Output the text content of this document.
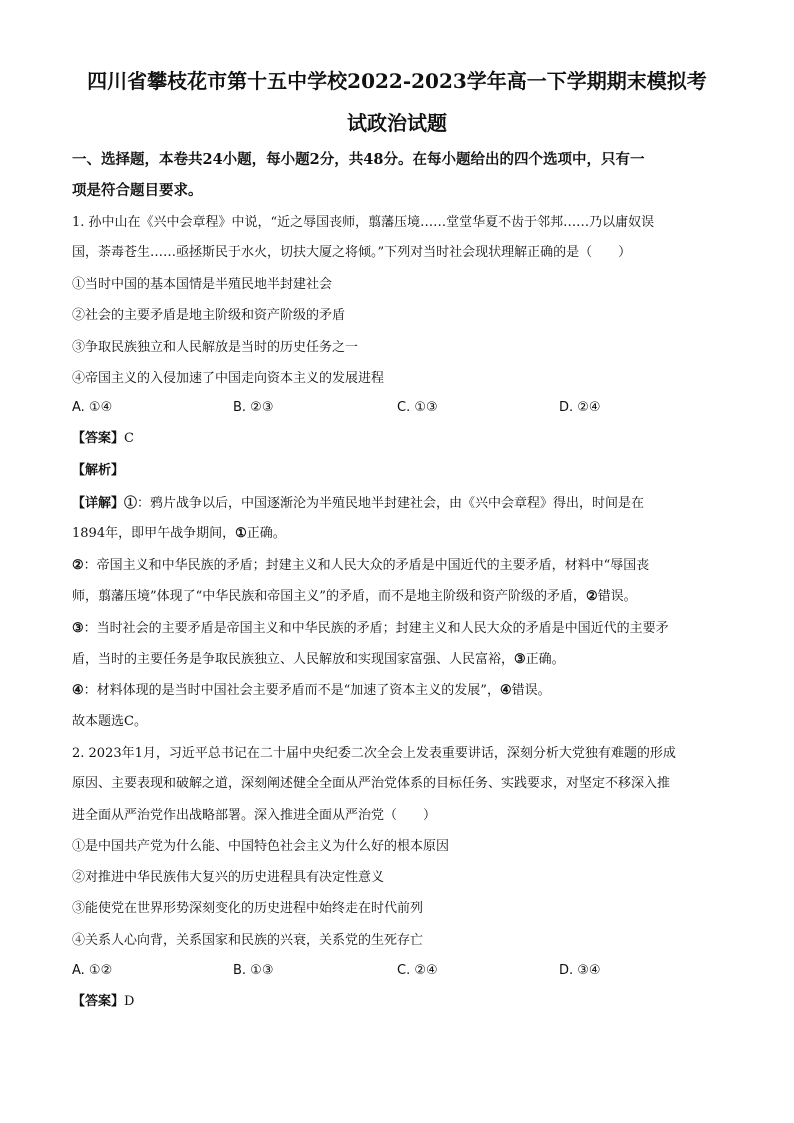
四川省攀枝花市第十五中学校2022-2023学年高一下学期期末模拟考
试政治试题
一、选择题，本卷共24小题，每小题2分，共48分。在每小题给出的四个选项中，只有一
项是符合题目要求。
1. 孙中山在《兴中会章程》中说，“近之辱国丧师，翦藩压境……堂堂华夏不齿于邻邦……乃以庸奴误
国，荼毒苍生……亟拯斯民于水火，切扶大厦之将倾。”下列对当时社会现状理解正确的是（　　）
①当时中国的基本国情是半殖民地半封建社会
②社会的主要矛盾是地主阶级和资产阶级的矛盾
③争取民族独立和人民解放是当时的历史任务之一
④帝国主义的入侵加速了中国走向资本主义的发展进程
A. ①④	B. ②③	C. ①③	D. ②④
【答案】C
【解析】
【详解】①：鸦片战争以后，中国逐渐沦为半殖民地半封建社会，由《兴中会章程》得出，时间是在
1894年，即甲午战争期间，①正确。
②：帝国主义和中华民族的矛盾；封建主义和人民大众的矛盾是中国近代的主要矛盾，材料中“辱国丧
师，翦藩压境”体现了“中华民族和帝国主义”的矛盾，而不是地主阶级和资产阶级的矛盾，②错误。
③：当时社会的主要矛盾是帝国主义和中华民族的矛盾；封建主义和人民大众的矛盾是中国近代的主要矛
盾，当时的主要任务是争取民族独立、人民解放和实现国家富强、人民富裕，③正确。
④：材料体现的是当时中国社会主要矛盾而不是“加速了资本主义的发展”，④错误。
故本题选C。
2. 2023年1月，习近平总书记在二十届中央纪委二次全会上发表重要讲话，深刻分析大党独有难题的形成
原因、主要表现和破解之道，深刻阐述健全全面从严治党体系的目标任务、实践要求，对坚定不移深入推
进全面从严治党作出战略部署。深入推进全面从严治党（　　）
①是中国共产党为什么能、中国特色社会主义为什么好的根本原因
②对推进中华民族伟大复兴的历史进程具有决定性意义
③能使党在世界形势深刻变化的历史进程中始终走在时代前列
④关系人心向背，关系国家和民族的兴衰，关系党的生死存亡
A. ①②	B. ①③	C. ②④	D. ③④
【答案】D
